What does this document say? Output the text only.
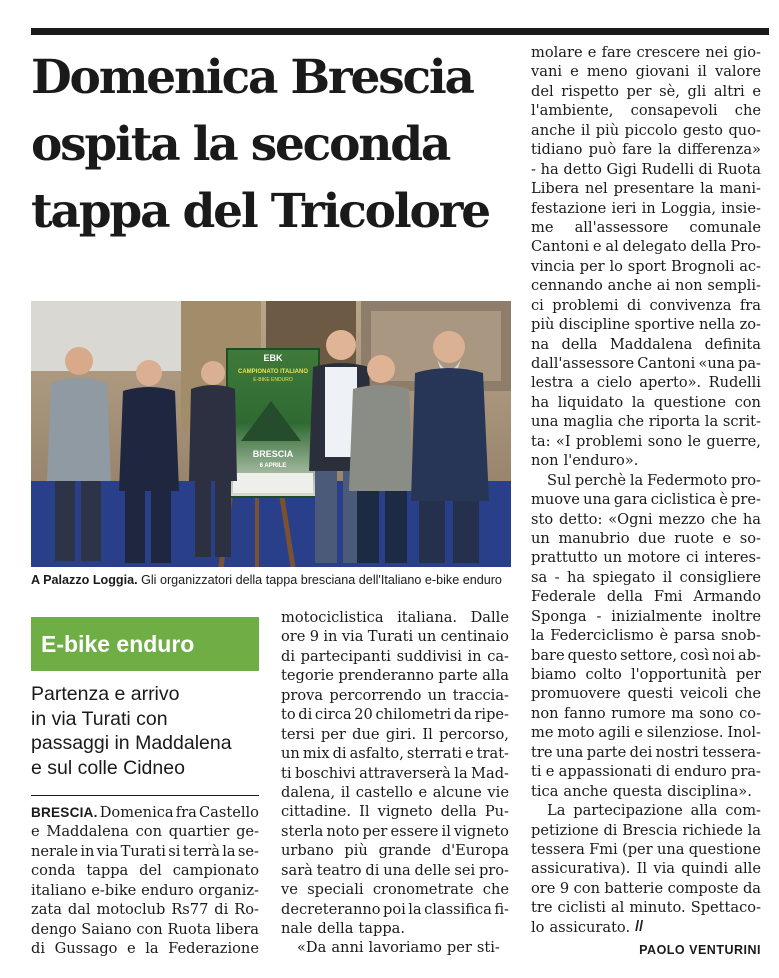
Domenica Brescia
ospita la seconda
tappa del Tricolore
EBK
CAMPIONATO ITALIANO
E-BIKE ENDURO
BRESCIA
6 APRILE
A Palazzo Loggia. Gli organizzatori della tappa bresciana dell'Italiano e-bike enduro
E-bike enduro
Partenza e arrivo
in via Turati con
passaggi in Maddalena
e sul colle Cidneo
BRESCIA. Domenica fra Castello
e Maddalena con quartier ge-
nerale in via Turati si terrà la se-
conda tappa del campionato
italiano e-bike enduro organiz-
zata dal motoclub Rs77 di Ro-
dengo Saiano con Ruota libera
di Gussago e la Federazione
motociclistica italiana. Dalle
ore 9 in via Turati un centinaio
di partecipanti suddivisi in ca-
tegorie prenderanno parte alla
prova percorrendo un traccia-
to di circa 20 chilometri da ripe-
tersi per due giri. Il percorso,
un mix di asfalto, sterrati e trat-
ti boschivi attraverserà la Mad-
dalena, il castello e alcune vie
cittadine. Il vigneto della Pu-
sterla noto per essere il vigneto
urbano più grande d'Europa
sarà teatro di una delle sei pro-
ve speciali cronometrate che
decreteranno poi la classifica fi-
nale della tappa.
«Da anni lavoriamo per sti-
molare e fare crescere nei gio-
vani e meno giovani il valore
del rispetto per sè, gli altri e
l'ambiente, consapevoli che
anche il più piccolo gesto quo-
tidiano può fare la differenza»
- ha detto Gigi Rudelli di Ruota
Libera nel presentare la mani-
festazione ieri in Loggia, insie-
me all'assessore comunale
Cantoni e al delegato della Pro-
vincia per lo sport Brognoli ac-
cennando anche ai non sempli-
ci problemi di convivenza fra
più discipline sportive nella zo-
na della Maddalena definita
dall'assessore Cantoni «una pa-
lestra a cielo aperto». Rudelli
ha liquidato la questione con
una maglia che riporta la scrit-
ta: «I problemi sono le guerre,
non l'enduro».
Sul perchè la Federmoto pro-
muove una gara ciclistica è pre-
sto detto: «Ogni mezzo che ha
un manubrio due ruote e so-
prattutto un motore ci interes-
sa - ha spiegato il consigliere
Federale della Fmi Armando
Sponga - inizialmente inoltre
la Federciclismo è parsa snob-
bare questo settore, così noi ab-
biamo colto l'opportunità per
promuovere questi veicoli che
non fanno rumore ma sono co-
me moto agili e silenziose. Inol-
tre una parte dei nostri tessera-
ti e appassionati di enduro pra-
tica anche questa disciplina».
La partecipazione alla com-
petizione di Brescia richiede la
tessera Fmi (per una questione
assicurativa). Il via quindi alle
ore 9 con batterie composte da
tre ciclisti al minuto. Spettaco-
lo assicurato. //
PAOLO VENTURINI
